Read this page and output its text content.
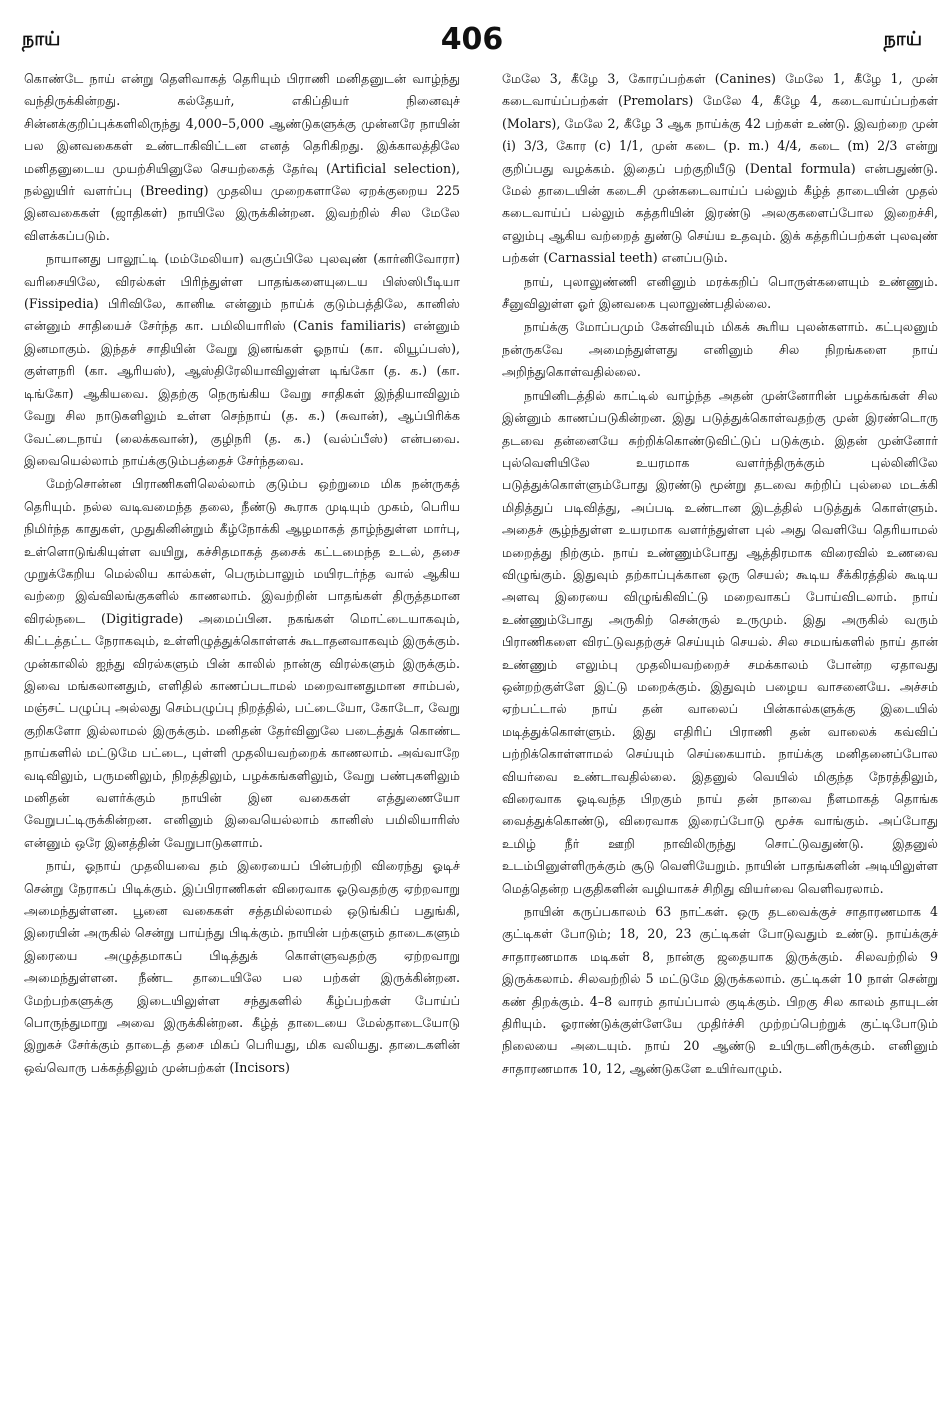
நாய்	406	நாய்

கொண்டே நாய் என்று தெளிவாகத் தெரியும் பிராணி மனிதனுடன் வாழ்ந்து வந்திருக்கின்றது. கல்தேயர், எகிப்தியர் நினைவுச் சின்னக்குறிப்புக்களிலிருந்து 4,000–5,000 ஆண்டுகளுக்கு முன்னரே நாயின் பல இனவகைகள் உண்டாகிவிட்டன எனத் தெரிகிறது. இக்காலத்திலே மனிதனுடைய முயற்சியினுலே செயற்கைத் தேர்வு (Artificial selection), நல்லுயிர் வளர்ப்பு (Breeding) முதலிய முறைகளாலே ஏறக்குறைய 225 இனவகைகள் (ஜாதிகள்) நாயிலே இருக்கின்றன. இவற்றில் சில மேலே விளக்கப்படும்.

நாயானது பாலூட்டி (மம்மேலியா) வகுப்பிலே புலவுண் (கார்னிவோரா) வரிசையிலே, விரல்கள் பிரிந்துள்ள பாதங்களையுடைய பிஸ்ஸிபீடியா (Fissipedia) பிரிவிலே, கானிடீ என்னும் நாய்க் குடும்பத்திலே, கானிஸ் என்னும் சாதியைச் சேர்ந்த கா. பமிலியாரிஸ் (Canis familiaris) என்னும் இனமாகும். இந்தச் சாதியின் வேறு இனங்கள் ஓநாய் (கா. லியூப்பஸ்), குள்ளநரி (கா. ஆரியஸ்), ஆஸ்திரேலியாவிலுள்ள டிங்கோ (த. க.) (கா. டிங்கோ) ஆகியவை. இதற்கு நெருங்கிய வேறு சாதிகள் இந்தியாவிலும் வேறு சில நாடுகளிலும் உள்ள செந்நாய் (த. க.) (சுவான்), ஆப்பிரிக்க வேட்டைநாய் (லைக்கவான்), குழிநரி (த. க.) (வல்ப்பீஸ்) என்பவை. இவையெல்லாம் நாய்க்குடும்பத்தைச் சேர்ந்தவை.

மேற்சொன்ன பிராணிகளிலெல்லாம் குடும்ப ஒற்றுமை மிக நன்ருகத் தெரியும். நல்ல வடிவமைந்த தலை, நீண்டு கூராக முடியும் முகம், பெரிய நிமிர்ந்த காதுகள், முதுகினின்றும் கீழ்நோக்கி ஆழமாகத் தாழ்ந்துள்ள மார்பு, உள்ளொடுங்கியுள்ள வயிறு, கச்சிதமாகத் தசைக் கட்டமைந்த உடல், தசை முறுக்கேறிய மெல்லிய கால்கள், பெரும்பாலும் மயிரடர்ந்த வால் ஆகிய வற்றை இவ்விலங்குகளில் காணலாம். இவற்றின் பாதங்கள் திருத்தமான விரல்நடை (Digitigrade) அமைப்பின. நகங்கள் மொட்டையாகவும், கிட்டத்தட்ட நேராகவும், உள்ளிழுத்துக்கொள்ளக் கூடாதனவாகவும் இருக்கும். முன்காலில் ஐந்து விரல்களும் பின் காலில் நான்கு விரல்களும் இருக்கும். இவை மங்கலானதும், எளிதில் காணப்படாமல் மறைவானதுமான சாம்பல், மஞ்சட் பழுப்பு அல்லது செம்பழுப்பு நிறத்தில், பட்டையோ, கோடோ, வேறு குறிகளோ இல்லாமல் இருக்கும். மனிதன் தேர்வினுலே படைத்துக் கொண்ட நாய்களில் மட்டுமே பட்டை, புள்ளி முதலியவற்றைக் காணலாம். அவ்வாறே வடிவிலும், பருமனிலும், நிறத்திலும், பழக்கங்களிலும், வேறு பண்புகளிலும் மனிதன் வளர்க்கும் நாயின் இன வகைகள் எத்துணையோ வேறுபட்டிருக்கின்றன. எனினும் இவையெல்லாம் கானிஸ் பமிலியாரிஸ் என்னும் ஒரே இனத்தின் வேறுபாடுகளாம்.

நாய், ஓநாய் முதலியவை தம் இரையைப் பின்பற்றி விரைந்து ஓடிச் சென்று நேராகப் பிடிக்கும். இப்பிராணிகள் விரைவாக ஓடுவதற்கு ஏற்றவாறு அமைந்துள்ளன. பூனை வகைகள் சத்தமில்லாமல் ஒடுங்கிப் பதுங்கி, இரையின் அருகில் சென்று பாய்ந்து பிடிக்கும். நாயின் பற்களும் தாடைகளும் இரையை அழுத்தமாகப் பிடித்துக் கொள்ளுவதற்கு ஏற்றவாறு அமைந்துள்ளன. நீண்ட தாடையிலே பல பற்கள் இருக்கின்றன. மேற்பற்களுக்கு இடையிலுள்ள சந்துகளில் கீழ்ப்பற்கள் போய்ப் பொருந்துமாறு அவை இருக்கின்றன. கீழ்த் தாடையை மேல்தாடையோடு இறுகச் சேர்க்கும் தாடைத் தசை மிகப் பெரியது, மிக வலியது. தாடைகளின் ஒவ்வொரு பக்கத்திலும் முன்பற்கள் (Incisors)

மேலே 3, கீழே 3, கோரப்பற்கள் (Canines) மேலே 1, கீழே 1, முன் கடைவாய்ப்பற்கள் (Premolars) மேலே 4, கீழே 4, கடைவாய்ப்பற்கள் (Molars), மேலே 2, கீழே 3 ஆக நாய்க்கு 42 பற்கள் உண்டு. இவற்றை முன் (i) 3/3, கோர (c) 1/1, முன் கடை (p. m.) 4/4, கடை (m) 2/3 என்று குறிப்பது வழக்கம். இதைப் பற்குறியீடு (Dental formula) என்பதுண்டு. மேல் தாடையின் கடைசி முன்கடைவாய்ப் பல்லும் கீழ்த் தாடையின் முதல் கடைவாய்ப் பல்லும் கத்தரியின் இரண்டு அலகுகளைப்போல இறைச்சி, எலும்பு ஆகிய வற்றைத் துண்டு செய்ய உதவும். இக் கத்தரிப்பற்கள் புலவுண் பற்கள் (Carnassial teeth) எனப்படும்.

நாய், புலாலுண்ணி எனினும் மரக்கறிப் பொருள்களையும் உண்ணும். சீனுவிலுள்ள ஓர் இனவகை புலாலுண்பதில்லை.

நாய்க்கு மோப்பமும் கேள்வியும் மிகக் கூரிய புலன்களாம். கட்புலனும் நன்ருகவே அமைந்துள்ளது எனினும் சில நிறங்களை நாய் அறிந்துகொள்வதில்லை.

நாயினிடத்தில் காட்டில் வாழ்ந்த அதன் முன்னோரின் பழக்கங்கள் சில இன்னும் காணப்படுகின்றன. இது படுத்துக்கொள்வதற்கு முன் இரண்டொரு தடவை தன்னையே சுற்றிக்கொண்டுவிட்டுப் படுக்கும். இதன் முன்னோர் புல்வெளியிலே உயரமாக வளர்ந்திருக்கும் புல்லினிலே படுத்துக்கொள்ளும்போது இரண்டு மூன்று தடவை சுற்றிப் புல்லை மடக்கி மிதித்துப் படிவித்து, அப்படி உண்டான இடத்தில் படுத்துக் கொள்ளும். அதைச் சூழ்ந்துள்ள உயரமாக வளர்ந்துள்ள புல் அது வெளியே தெரியாமல் மறைத்து நிற்கும். நாய் உண்ணும்போது ஆத்திரமாக விரைவில் உணவை விழுங்கும். இதுவும் தற்காப்புக்கான ஒரு செயல்; கூடிய சீக்கிரத்தில் கூடிய அளவு இரையை விழுங்கிவிட்டு மறைவாகப் போய்விடலாம். நாய் உண்ணும்போது அருகிற் சென்ருல் உருமும். இது அருகில் வரும் பிராணிகளை விரட்டுவதற்குச் செய்யும் செயல். சில சமயங்களில் நாய் தான் உண்ணும் எலும்பு முதலியவற்றைச் சமக்காலம் போன்ற ஏதாவது ஒன்றற்குள்ளே இட்டு மறைக்கும். இதுவும் பழைய வாசனையே. அச்சம் ஏற்பட்டால் நாய் தன் வாலைப் பின்கால்களுக்கு இடையில் மடித்துக்கொள்ளும். இது எதிரிப் பிராணி தன் வாலைக் கவ்விப் பற்றிக்கொள்ளாமல் செய்யும் செய்கையாம். நாய்க்கு மனிதனைப்போல வியர்வை உண்டாவதில்லை. இதனுல் வெயில் மிகுந்த நேரத்திலும், விரைவாக ஓடிவந்த பிறகும் நாய் தன் நாவை நீளமாகத் தொங்க வைத்துக்கொண்டு, விரைவாக இரைப்போடு மூச்சு வாங்கும். அப்போது உமிழ் நீர் ஊறி நாவிலிருந்து சொட்டுவதுண்டு. இதனுல் உடம்பினுள்ளிருக்கும் சூடு வெளியேறும். நாயின் பாதங்களின் அடியிலுள்ள மெத்தென்ற பகுதிகளின் வழியாகச் சிறிது வியர்வை வெளிவரலாம்.

நாயின் கருப்பகாலம் 63 நாட்கள். ஒரு தடவைக்குச் சாதாரணமாக 4 குட்டிகள் போடும்; 18, 20, 23 குட்டிகள் போடுவதும் உண்டு. நாய்க்குச் சாதாரணமாக மடிகள் 8, நான்கு ஜதையாக இருக்கும். சிலவற்றில் 9 இருக்கலாம். சிலவற்றில் 5 மட்டுமே இருக்கலாம். குட்டிகள் 10 நாள் சென்று கண் திறக்கும். 4–8 வாரம் தாய்ப்பால் குடிக்கும். பிறகு சில காலம் தாயுடன் திரியும். ஓராண்டுக்குள்ளேயே முதிர்ச்சி முற்றப்பெற்றுக் குட்டிபோடும் நிலையை அடையும். நாய் 20 ஆண்டு உயிருடனிருக்கும். எனினும் சாதாரணமாக 10, 12, ஆண்டுகளே உயிர்வாழும்.
